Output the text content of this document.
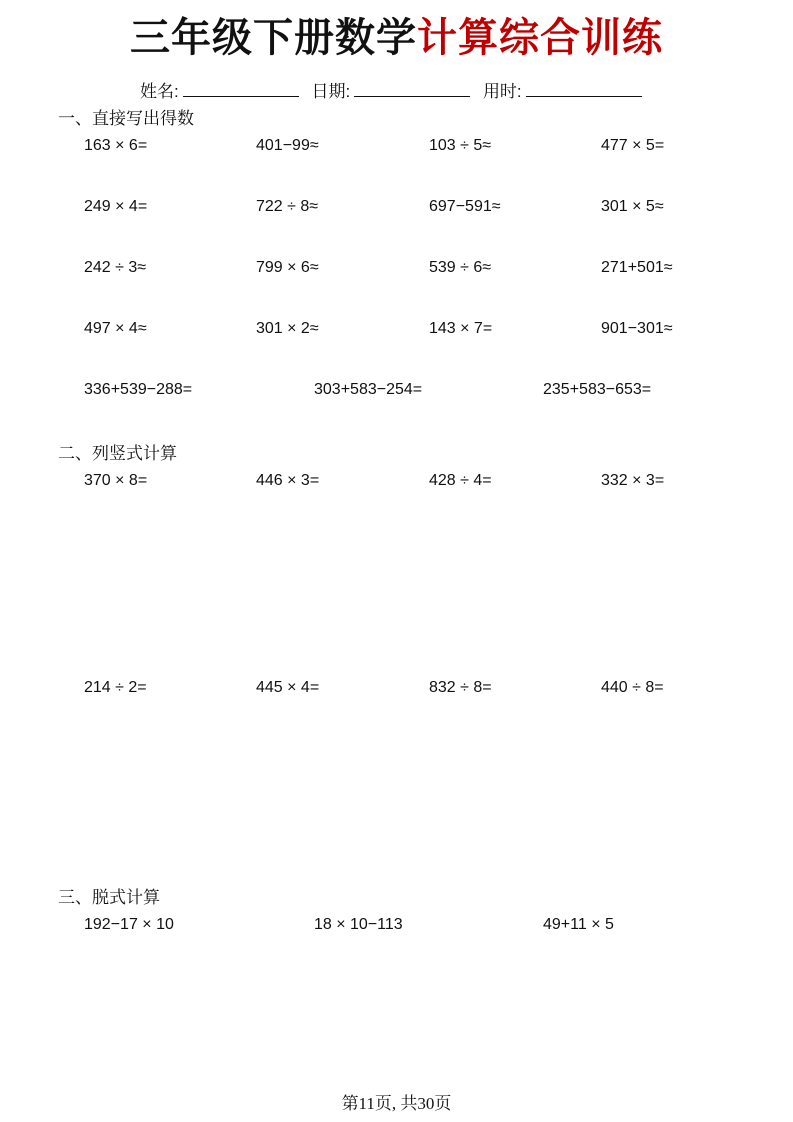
三年级下册数学计算综合训练
姓名:	日期:	用时:
一、直接写出得数
163 × 6=	401−99≈	103 ÷ 5≈	477 × 5=
249 × 4=	722 ÷ 8≈	697−591≈	301 × 5≈
242 ÷ 3≈	799 × 6≈	539 ÷ 6≈	271+501≈
497 × 4≈	301 × 2≈	143 × 7=	901−301≈
336+539−288=	303+583−254=	235+583−653=
二、列竖式计算
370 × 8=	446 × 3=	428 ÷ 4=	332 × 3=
214 ÷ 2=	445 × 4=	832 ÷ 8=	440 ÷ 8=
三、脱式计算
192−17 × 10	18 × 10−113	49+11 × 5
第11页, 共30页
